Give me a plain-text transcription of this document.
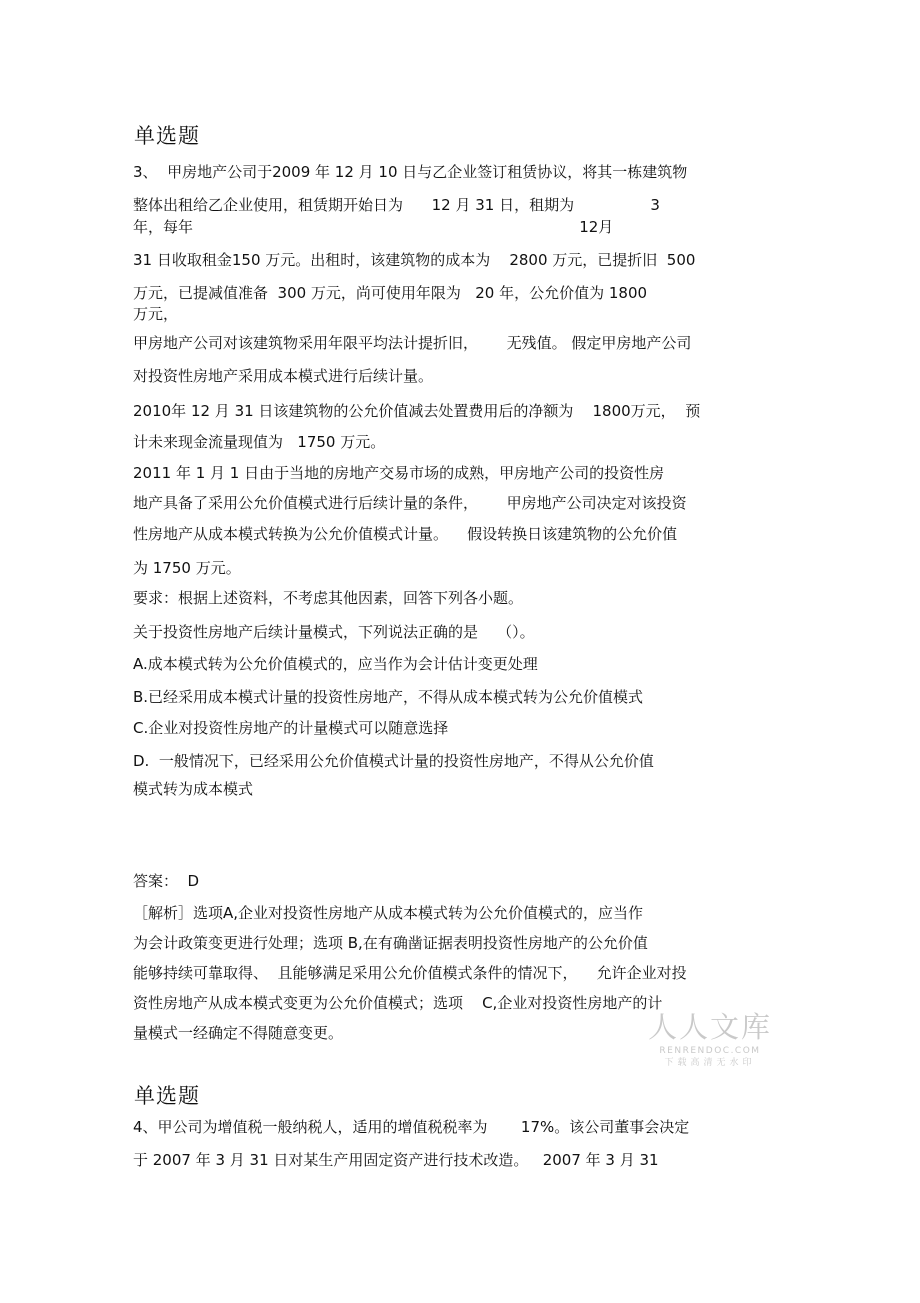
单选题

3、  甲房地产公司于2009 年 12 月 10 日与乙企业签订租赁协议，将其一栋建筑物

整体出租给乙企业使用，租赁期开始日为      12 月 31 日，租期为                3

年，每年                                                                                 12月

31 日收取租金150 万元。出租时，该建筑物的成本为    2800 万元，已提折旧  500

万元，已提减值准备  300 万元，尚可使用年限为   20 年，公允价值为 1800

万元，

甲房地产公司对该建筑物采用年限平均法计提折旧，      无残值。 假定甲房地产公司

对投资性房地产采用成本模式进行后续计量。

2010年 12 月 31 日该建筑物的公允价值减去处置费用后的净额为    1800万元，  预

计未来现金流量现值为   1750 万元。

2011 年 1 月 1 日由于当地的房地产交易市场的成熟，甲房地产公司的投资性房

地产具备了采用公允价值模式进行后续计量的条件，      甲房地产公司决定对该投资

性房地产从成本模式转换为公允价值模式计量。    假设转换日该建筑物的公允价值

为 1750 万元。

要求：根据上述资料，不考虑其他因素，回答下列各小题。

关于投资性房地产后续计量模式，下列说法正确的是    （）。

A.成本模式转为公允价值模式的，应当作为会计估计变更处理

B.已经采用成本模式计量的投资性房地产，不得从成本模式转为公允价值模式

C.企业对投资性房地产的计量模式可以随意选择

D.  一般情况下，已经采用公允价值模式计量的投资性房地产，不得从公允价值

模式转为成本模式

答案：  D

［解析］选项A,企业对投资性房地产从成本模式转为公允价值模式的，应当作

为会计政策变更进行处理；选项 B,在有确凿证据表明投资性房地产的公允价值

能够持续可靠取得、  且能够满足采用公允价值模式条件的情况下，    允许企业对投

资性房地产从成本模式变更为公允价值模式；选项    C,企业对投资性房地产的计

量模式一经确定不得随意变更。	人人文库
RENRENDOC.COM
下载高清无水印
单选题

4、甲公司为增值税一般纳税人，适用的增值税税率为       17%。该公司董事会决定

于 2007 年 3 月 31 日对某生产用固定资产进行技术改造。   2007 年 3 月 31
